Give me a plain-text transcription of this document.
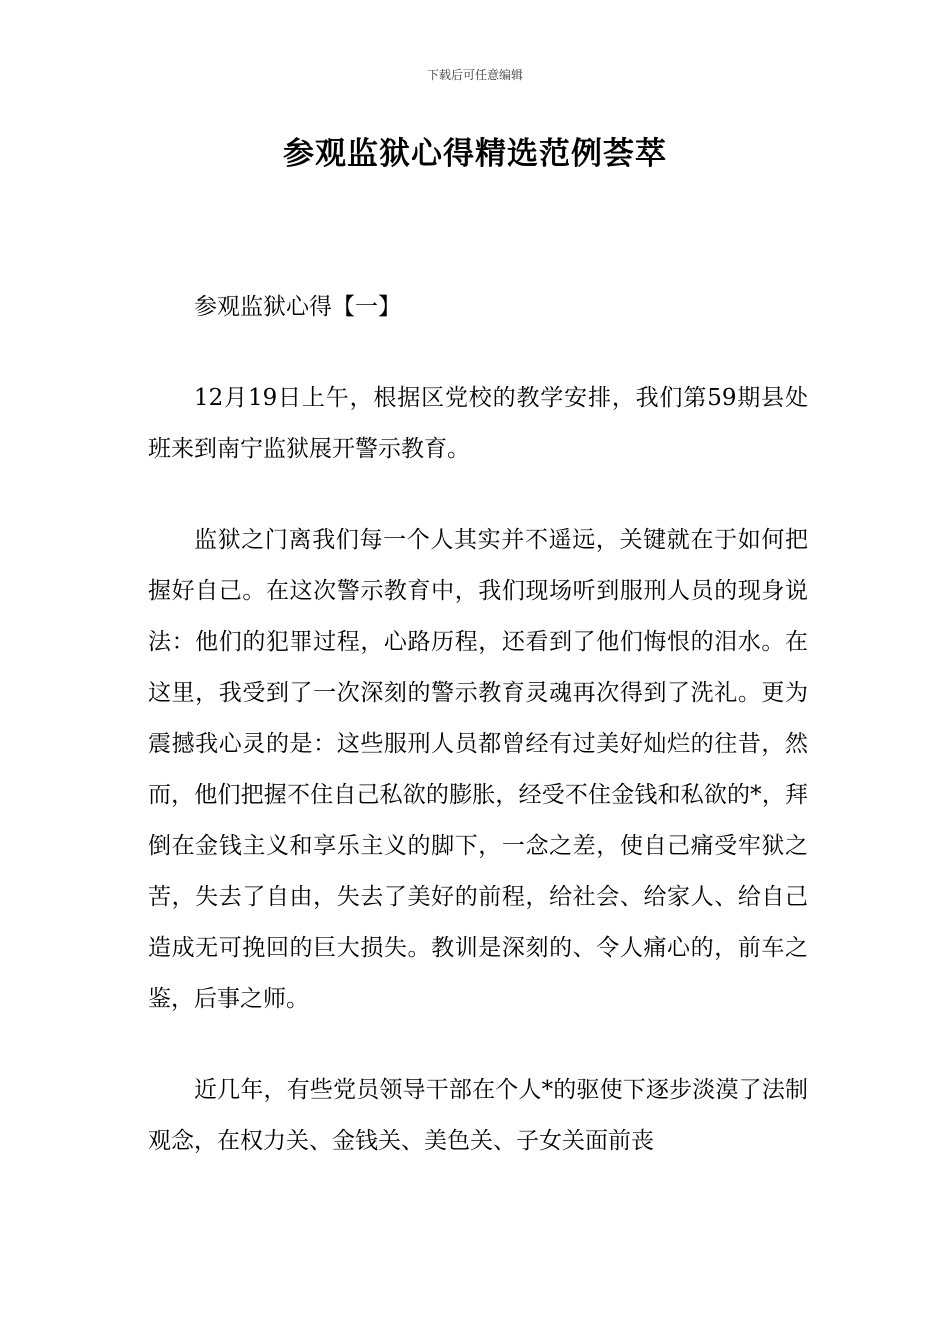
下载后可任意编辑
参观监狱心得精选范例荟萃

参观监狱心得【一】

12月19日上午，根据区党校的教学安排，我们第59期县处班来到南宁监狱展开警示教育。

监狱之门离我们每一个人其实并不遥远，关键就在于如何把握好自己。在这次警示教育中，我们现场听到服刑人员的现身说法：他们的犯罪过程，心路历程，还看到了他们悔恨的泪水。在这里，我受到了一次深刻的警示教育灵魂再次得到了洗礼。更为震撼我心灵的是：这些服刑人员都曾经有过美好灿烂的往昔，然而，他们把握不住自己私欲的膨胀，经受不住金钱和私欲的*，拜倒在金钱主义和享乐主义的脚下，一念之差，使自己痛受牢狱之苦，失去了自由，失去了美好的前程，给社会、给家人、给自己造成无可挽回的巨大损失。教训是深刻的、令人痛心的，前车之鉴，后事之师。

近几年，有些党员领导干部在个人*的驱使下逐步淡漠了法制观念，在权力关、金钱关、美色关、子女关面前丧
